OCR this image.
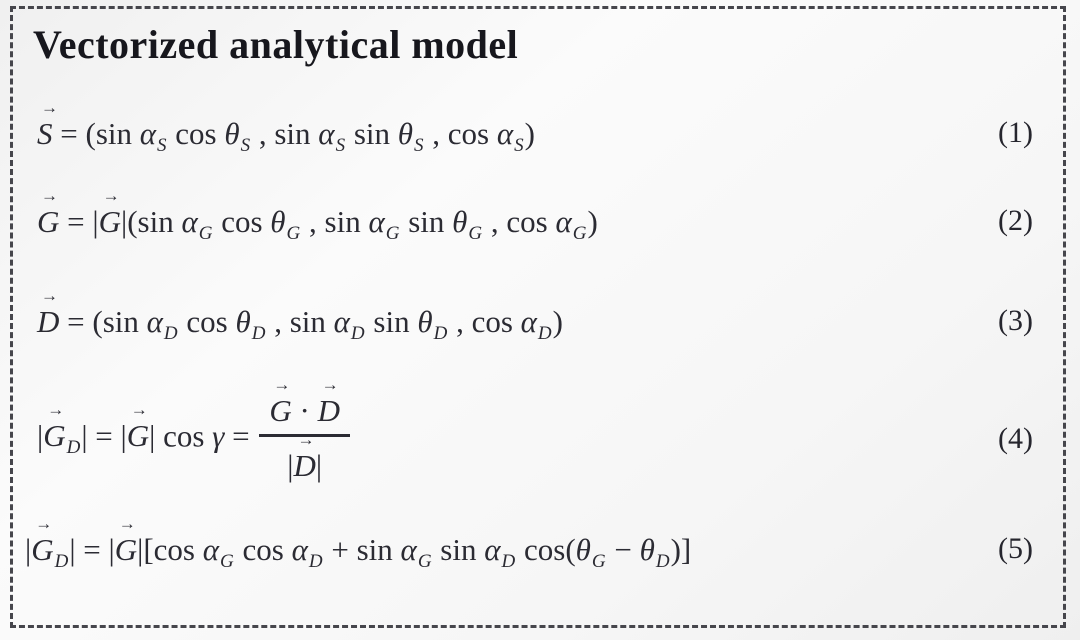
Vectorized analytical model
→
S = (sin $\alpha_S$ $\cos \theta_S$ , $\sin \alpha_S$ $\sin \theta_S$ , $\cos \alpha_S$)	(1)
→
G = |
→
G|(sin $\alpha_G$ $\cos \theta_G$ , $\sin \alpha_G$ $\sin \theta_G$ , $\cos \alpha_G$)	(2)
→
D = (sin $\alpha_D$ $\cos \theta_D$ , $\sin \alpha_D$ $\sin \theta_D$ , $\cos \alpha_D$)	(3)
|
→
$G_D|$ = |
→
G| cos γ = →
G ·
→
D
|
→
D|	(4)
|
→
$G_D|$ = |
→
G|[cos $\alpha_G$ $\cos \alpha_D + \sin \alpha_G$ $\sin \alpha_D$ $\cos(\theta_G - \theta_D)$]	(5)
